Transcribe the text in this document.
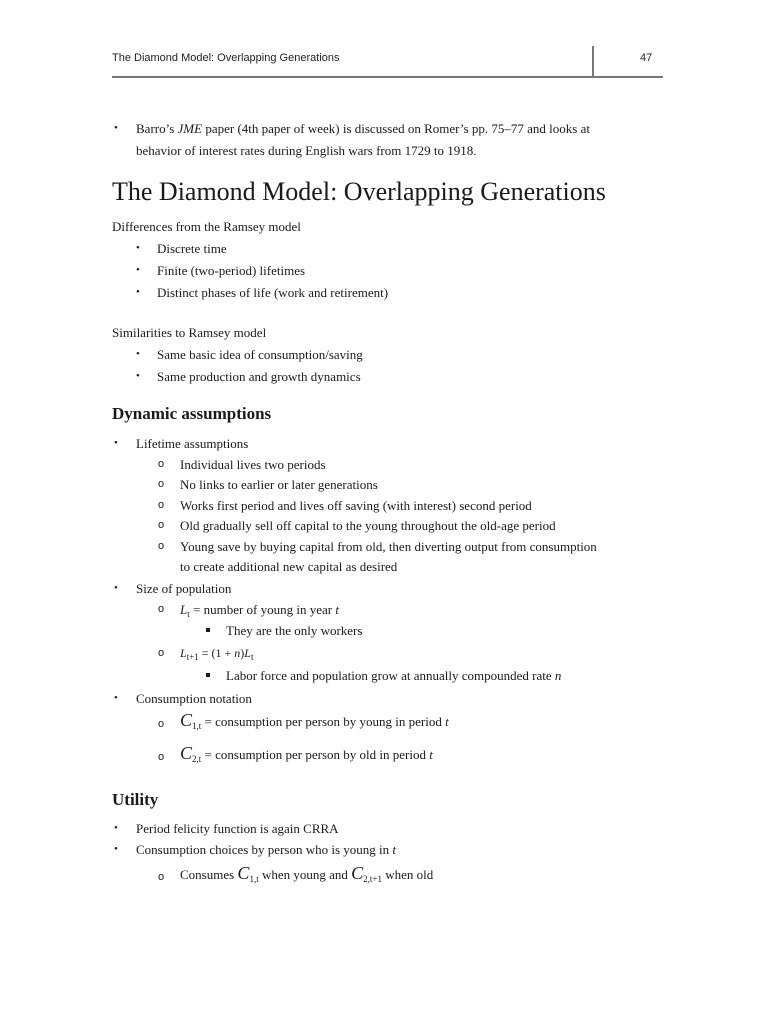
The Diamond Model: Overlapping Generations	47
• Barro’s JME paper (4th paper of week) is discussed on Romer’s pp. 75–77 and looks at
behavior of interest rates during English wars from 1729 to 1918.
The Diamond Model: Overlapping Generations
Differences from the Ramsey model
• Discrete time
• Finite (two-period) lifetimes
• Distinct phases of life (work and retirement)
Similarities to Ramsey model
• Same basic idea of consumption/saving
• Same production and growth dynamics
Dynamic assumptions
• Lifetime assumptions
o Individual lives two periods
o No links to earlier or later generations
o Works first period and lives off saving (with interest) second period
o Old gradually sell off capital to the young throughout the old-age period
o Young save by buying capital from old, then diverting output from consumption
to create additional new capital as desired
• Size of population
o $L_t$ = number of young in year t
They are the only workers
o $L_{t+1} = (1 + n)L_t$
Labor force and population grow at annually compounded rate n
• Consumption notation
o $C_{1,t}$ = consumption per person by young in period t
o $C_{2,t}$ = consumption per person by old in period t
Utility
• Period felicity function is again CRRA
• Consumption choices by person who is young in t
o Consumes $C_{1,t}$ when young and $C_{2,t+1}$ when old
